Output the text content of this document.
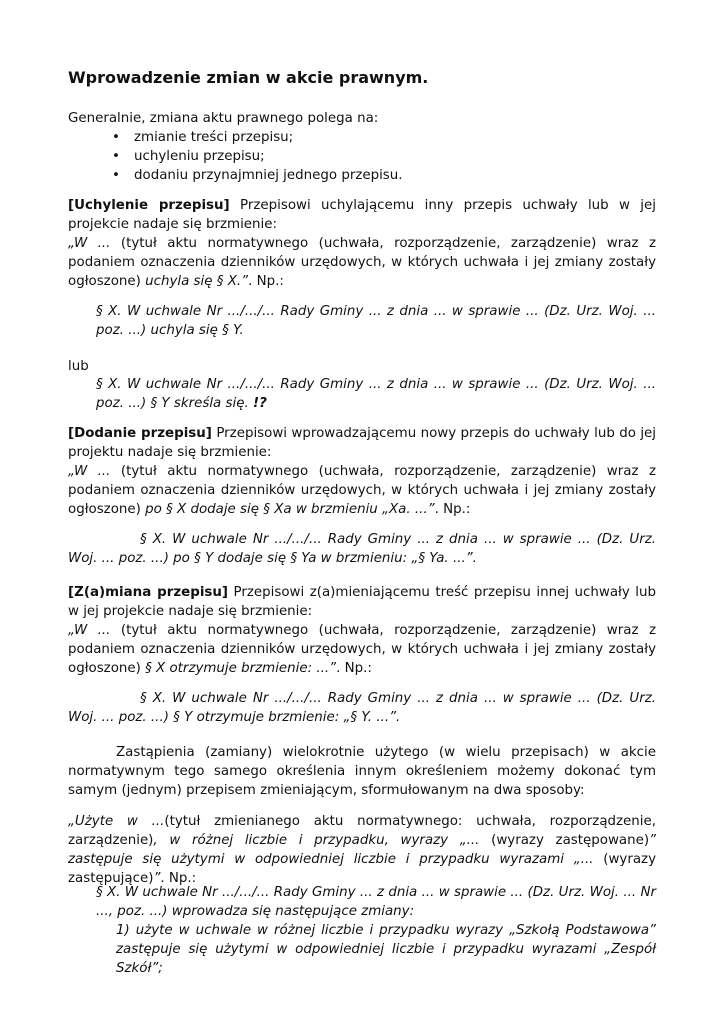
Wprowadzenie zmian w akcie prawnym.

Generalnie, zmiana aktu prawnego polega na:

• zmianie treści przepisu;
• uchyleniu przepisu;
• dodaniu przynajmniej jednego przepisu.

[Uchylenie przepisu] Przepisowi uchylającemu inny przepis uchwały lub w jej projekcie nadaje się brzmienie:
„W ... (tytuł aktu normatywnego (uchwała, rozporządzenie, zarządzenie) wraz z podaniem oznaczenia dzienników urzędowych, w których uchwała i jej zmiany zostały ogłoszone) uchyla się § X.”. Np.:

§ X. W uchwale Nr .../.../... Rady Gminy ... z dnia ... w sprawie ... (Dz. Urz. Woj. ... poz. ...) uchyla się § Y.

lub

§ X. W uchwale Nr .../.../... Rady Gminy ... z dnia ... w sprawie ... (Dz. Urz. Woj. ... poz. ...) § Y skreśla się. !?

[Dodanie przepisu] Przepisowi wprowadzającemu nowy przepis do uchwały lub do jej projektu nadaje się brzmienie:
„W ... (tytuł aktu normatywnego (uchwała, rozporządzenie, zarządzenie) wraz z podaniem oznaczenia dzienników urzędowych, w których uchwała i jej zmiany zostały ogłoszone) po § X dodaje się § Xa w brzmieniu „Xa. ...”. Np.:

§ X. W uchwale Nr .../.../... Rady Gminy ... z dnia ... w sprawie ... (Dz. Urz. Woj. ... poz. ...) po § Y dodaje się § Ya w brzmieniu: „§ Ya. ...”.

[Z(a)miana przepisu] Przepisowi z(a)mieniającemu treść przepisu innej uchwały lub w jej projekcie nadaje się brzmienie:
„W ... (tytuł aktu normatywnego (uchwała, rozporządzenie, zarządzenie) wraz z podaniem oznaczenia dzienników urzędowych, w których uchwała i jej zmiany zostały ogłoszone) § X otrzymuje brzmienie: ...”. Np.:

§ X. W uchwale Nr .../.../... Rady Gminy ... z dnia ... w sprawie ... (Dz. Urz. Woj. ... poz. ...) § Y otrzymuje brzmienie: „§ Y. ...”.

Zastąpienia (zamiany) wielokrotnie użytego (w wielu przepisach) w akcie normatywnym tego samego określenia innym określeniem możemy dokonać tym samym (jednym) przepisem zmieniającym, sformułowanym na dwa sposoby:

„Użyte w ...(tytuł zmienianego aktu normatywnego: uchwała, rozporządzenie, zarządzenie), w różnej liczbie i przypadku, wyrazy „... (wyrazy zastępowane)” zastępuje się użytymi w odpowiedniej liczbie i przypadku wyrazami „... (wyrazy zastępujące)”. Np.:

§ X. W uchwale Nr .../.../... Rady Gminy ... z dnia ... w sprawie ... (Dz. Urz. Woj. ... Nr ..., poz. ...) wprowadza się następujące zmiany:

1) użyte w uchwale w różnej liczbie i przypadku wyrazy „Szkołą Podstawowa” zastępuje się użytymi w odpowiedniej liczbie i przypadku wyrazami „Zespół Szkół”;
